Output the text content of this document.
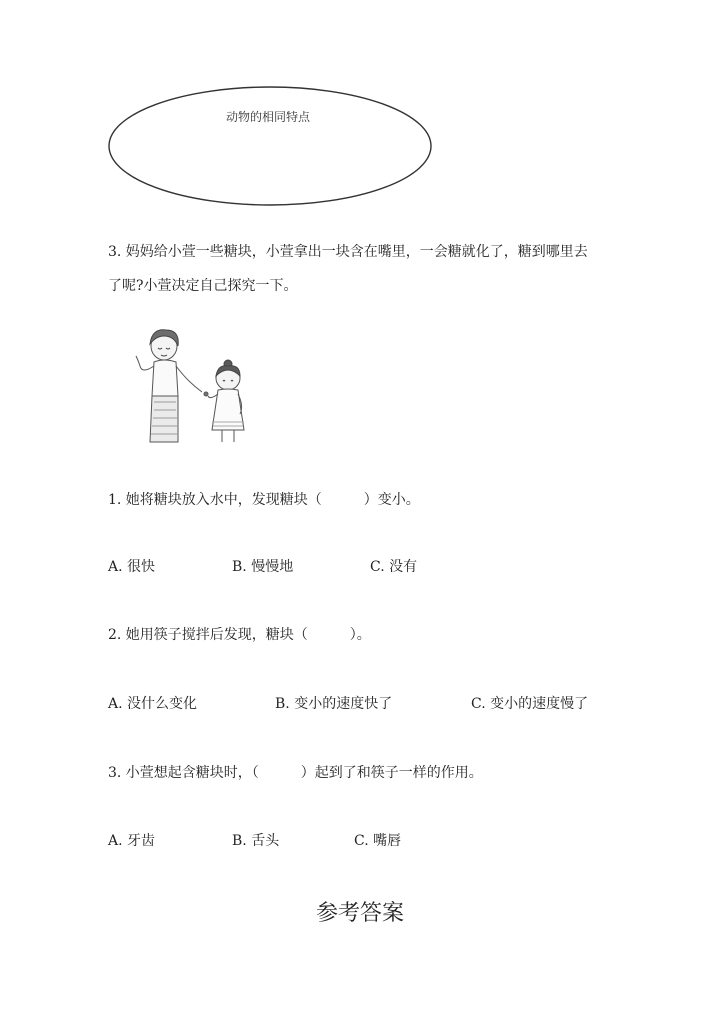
动物的相同特点
3. 妈妈给小萱一些糖块，小萱拿出一块含在嘴里，一会糖就化了，糖到哪里去
了呢?小萱决定自己探究一下。
1. 她将糖块放入水中，发现糖块（　　　）变小。
A. 很快	B. 慢慢地	C. 没有
2. 她用筷子搅拌后发现，糖块（　　　）。
A. 没什么变化	B. 变小的速度快了	C. 变小的速度慢了
3. 小萱想起含糖块时，（　　　）起到了和筷子一样的作用。
A. 牙齿	B. 舌头	C. 嘴唇
参考答案
